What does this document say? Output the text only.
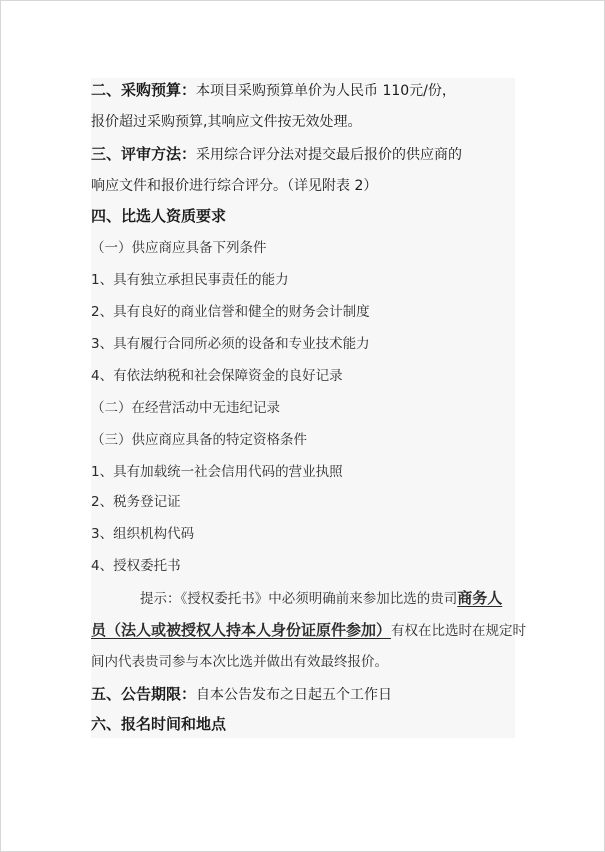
二、采购预算：本项目采购预算单价为人民币 110元/份，
报价超过采购预算,其响应文件按无效处理。
三、评审方法：采用综合评分法对提交最后报价的供应商的
响应文件和报价进行综合评分。（详见附表 2）
四、比选人资质要求
（一）供应商应具备下列条件
1、具有独立承担民事责任的能力
2、具有良好的商业信誉和健全的财务会计制度
3、具有履行合同所必须的设备和专业技术能力
4、有依法纳税和社会保障资金的良好记录
（二）在经营活动中无违纪记录
（三）供应商应具备的特定资格条件
1、具有加载统一社会信用代码的营业执照
2、税务登记证
3、组织机构代码
4、授权委托书
提示：《授权委托书》中必须明确前来参加比选的贵司商务人
员（法人或被授权人持本人身份证原件参加）有权在比选时在规定时
间内代表贵司参与本次比选并做出有效最终报价。
五、公告期限：自本公告发布之日起五个工作日
六、报名时间和地点
